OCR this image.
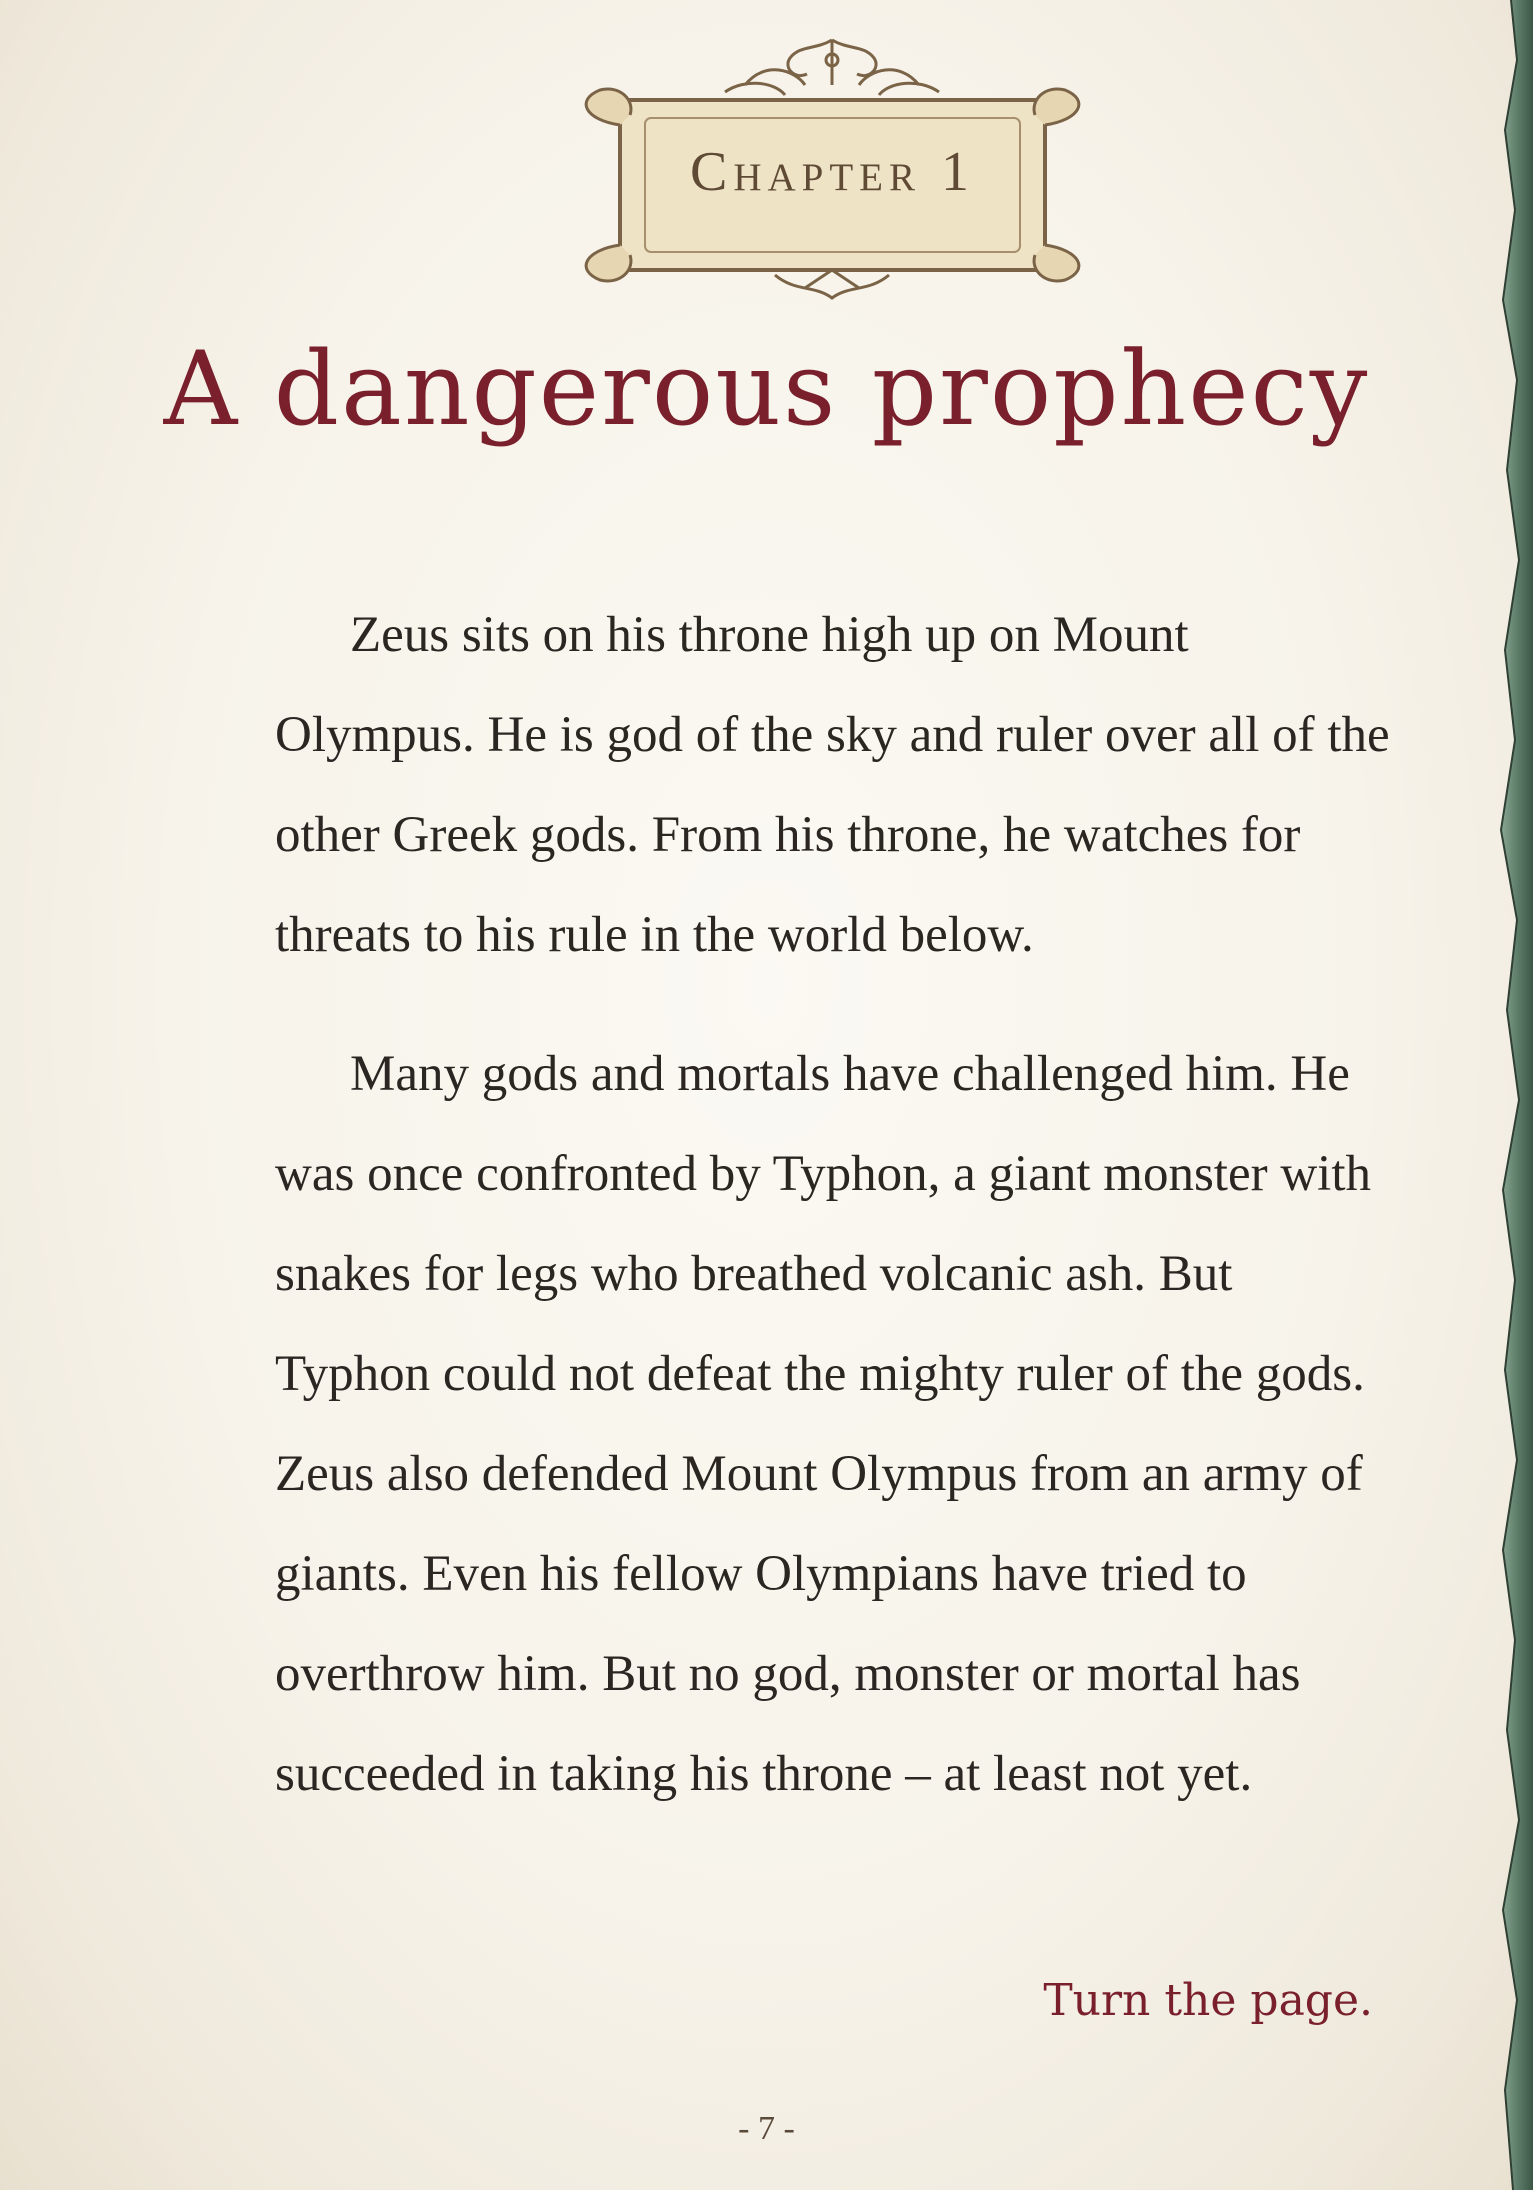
Chapter 1
A dangerous prophecy

Zeus sits on his throne high up on Mount Olympus. He is god of the sky and ruler over all of the other Greek gods. From his throne, he watches for threats to his rule in the world below.

Many gods and mortals have challenged him. He was once confronted by Typhon, a giant monster with snakes for legs who breathed volcanic ash. But Typhon could not defeat the mighty ruler of the gods. Zeus also defended Mount Olympus from an army of giants. Even his fellow Olympians have tried to overthrow him. But no god, monster or mortal has succeeded in taking his throne – at least not yet.

Turn the page.
- 7 -
